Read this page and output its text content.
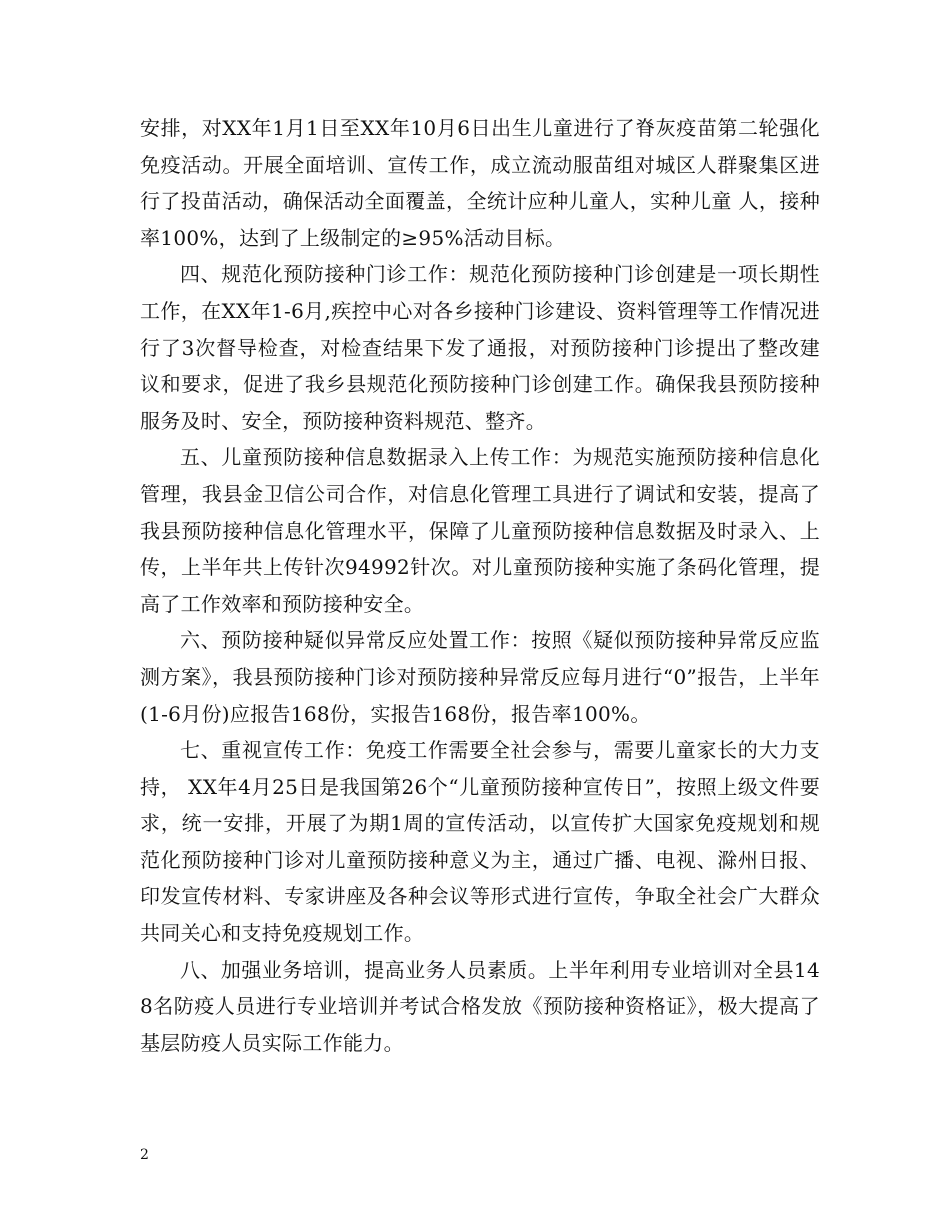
安排，对XX年1月1日至XX年10月6日出生儿童进行了脊灰疫苗第二轮强化免疫活动。开展全面培训、宣传工作，成立流动服苗组对城区人群聚集区进行了投苗活动，确保活动全面覆盖，全统计应种儿童人，实种儿童 人，接种率100%，达到了上级制定的≥95%活动目标。

四、规范化预防接种门诊工作：规范化预防接种门诊创建是一项长期性工作，在XX年1-6月,疾控中心对各乡接种门诊建设、资料管理等工作情况进行了3次督导检查，对检查结果下发了通报，对预防接种门诊提出了整改建议和要求，促进了我乡县规范化预防接种门诊创建工作。确保我县预防接种服务及时、安全，预防接种资料规范、整齐。

五、儿童预防接种信息数据录入上传工作：为规范实施预防接种信息化管理，我县金卫信公司合作，对信息化管理工具进行了调试和安装，提高了我县预防接种信息化管理水平，保障了儿童预防接种信息数据及时录入、上传，上半年共上传针次94992针次。对儿童预防接种实施了条码化管理，提高了工作效率和预防接种安全。

六、预防接种疑似异常反应处置工作：按照《疑似预防接种异常反应监测方案》，我县预防接种门诊对预防接种异常反应每月进行“0”报告，上半年(1-6月份)应报告168份，实报告168份，报告率100%。

七、重视宣传工作：免疫工作需要全社会参与，需要儿童家长的大力支持， XX年4月25日是我国第26个“儿童预防接种宣传日”，按照上级文件要求，统一安排，开展了为期1周的宣传活动，以宣传扩大国家免疫规划和规范化预防接种门诊对儿童预防接种意义为主，通过广播、电视、滁州日报、印发宣传材料、专家讲座及各种会议等形式进行宣传，争取全社会广大群众共同关心和支持免疫规划工作。

八、加强业务培训，提高业务人员素质。上半年利用专业培训对全县148名防疫人员进行专业培训并考试合格发放《预防接种资格证》，极大提高了基层防疫人员实际工作能力。

2
